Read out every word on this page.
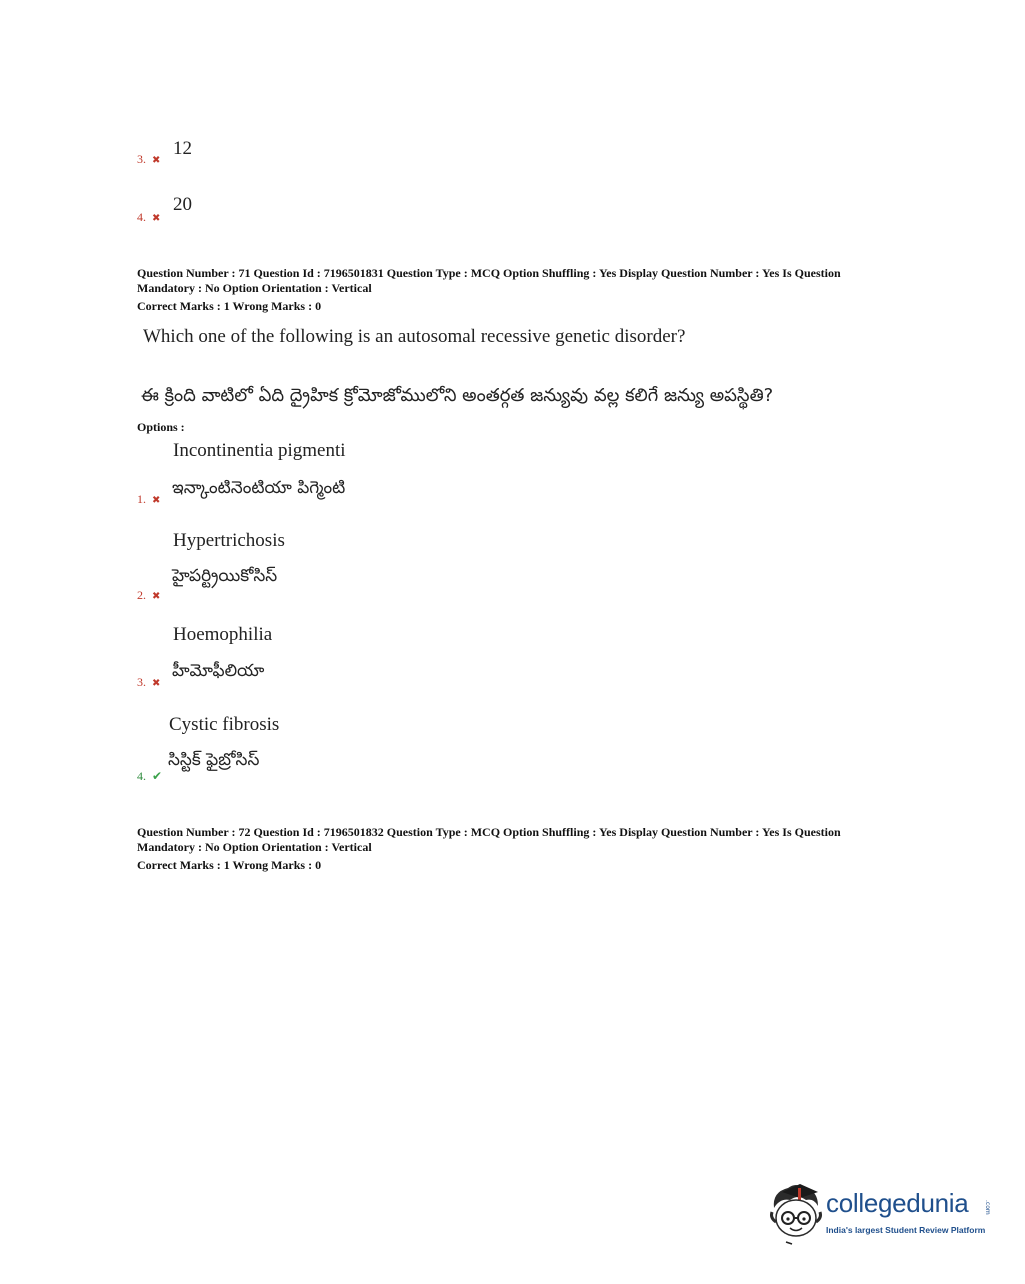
12
3. ✖
20
4. ✖
Question Number : 71 Question Id : 7196501831 Question Type : MCQ Option Shuffling : Yes Display Question Number : Yes Is Question
Mandatory : No Option Orientation : Vertical
Correct Marks : 1 Wrong Marks : 0
Which one of the following is an autosomal recessive genetic disorder?
ఈ క్రింది వాటిలో ఏది ద్రైహిక క్రోమోజోములోని అంతర్గత జన్యువు వల్ల కలిగే జన్యు అపస్థితి?
Options :
Incontinentia pigmenti
ఇన్కాంటినెంటియా పిగ్మెంటి
1. ✖
Hypertrichosis
హైపర్ట్రియికోసిస్
2. ✖
Hoemophilia
హీమోఫీలియా
3. ✖
Cystic fibrosis
సిస్టిక్ ఫైబ్రోసిస్
4. ✔
Question Number : 72 Question Id : 7196501832 Question Type : MCQ Option Shuffling : Yes Display Question Number : Yes Is Question
Mandatory : No Option Orientation : Vertical
Correct Marks : 1 Wrong Marks : 0
collegedunia	.com
India's largest Student Review Platform
